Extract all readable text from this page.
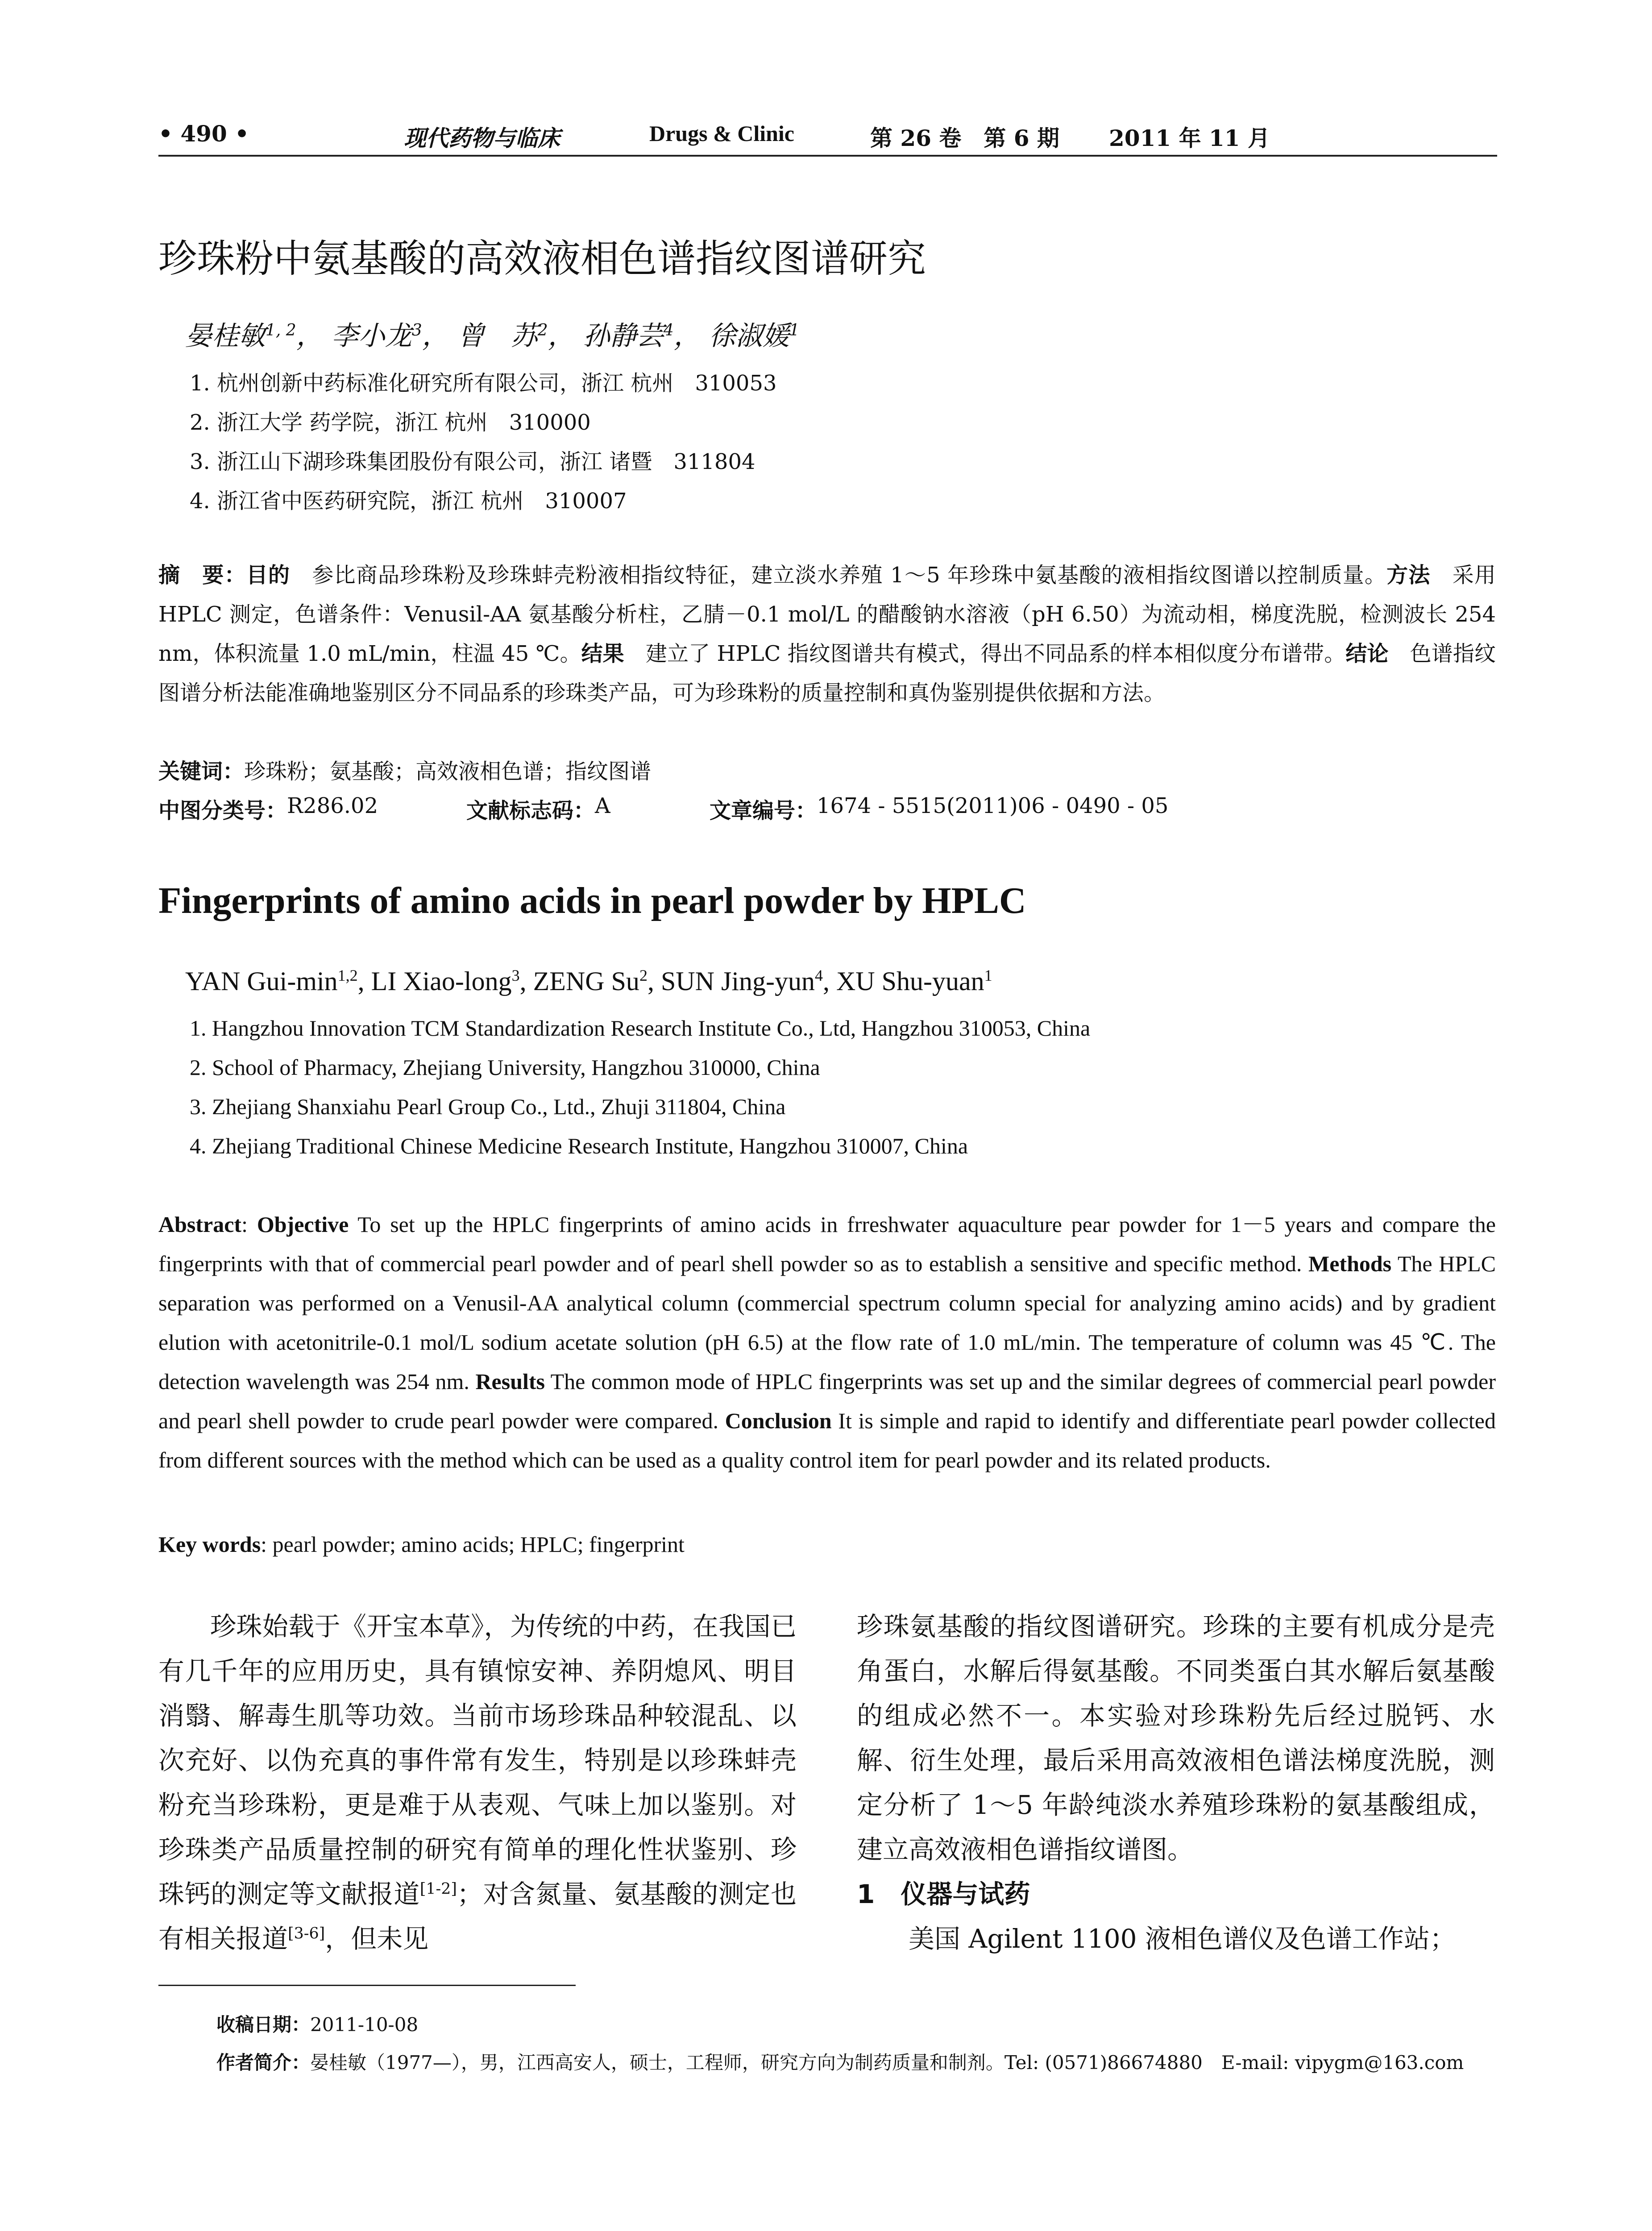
• 490 •	现代药物与临床	Drugs & Clinic	第 26 卷　第 6 期 2011 年 11 月
珍珠粉中氨基酸的高效液相色谱指纹图谱研究
晏桂敏$^{1, 2}$， 李小龙$^3$， 曾　苏$^2$， 孙静芸$^4$， 徐淑媛$^1$
1. 杭州创新中药标准化研究所有限公司，浙江 杭州　310053
2. 浙江大学 药学院，浙江 杭州　310000
3. 浙江山下湖珍珠集团股份有限公司，浙江 诸暨　311804
4. 浙江省中医药研究院，浙江 杭州　310007
摘　要：目的　参比商品珍珠粉及珍珠蚌壳粉液相指纹特征，建立淡水养殖 1～5 年珍珠中氨基酸的液相指纹图谱以控制质量。方法　采用 HPLC 测定，色谱条件：Venusil-AA 氨基酸分析柱，乙腈－0.1 mol/L 的醋酸钠水溶液（pH 6.50）为流动相，梯度洗脱，检测波长 254 nm，体积流量 1.0 mL/min，柱温 45 ℃。结果　建立了 HPLC 指纹图谱共有模式，得出不同品系的样本相似度分布谱带。结论　色谱指纹图谱分析法能准确地鉴别区分不同品系的珍珠类产品，可为珍珠粉的质量控制和真伪鉴别提供依据和方法。
关键词：珍珠粉；氨基酸；高效液相色谱；指纹图谱
中图分类号： R286.02	文献标志码： A	文章编号： 1674 - 5515(2011)06 - 0490 - 05
Fingerprints of amino acids in pearl powder by HPLC
YAN Gui-$\min^{1,2}$, LI Xiao-long$^3$, ZENG Su$^2$, SUN Jing-yun$^4$, XU Shu-yuan$^1$
1. Hangzhou Innovation TCM Standardization Research Institute Co., Ltd, Hangzhou 310053, China
2. School of Pharmacy, Zhejiang University, Hangzhou 310000, China
3. Zhejiang Shanxiahu Pearl Group Co., Ltd., Zhuji 311804, China
4. Zhejiang Traditional Chinese Medicine Research Institute, Hangzhou 310007, China
Abstract: Objective To set up the HPLC fingerprints of amino acids in frreshwater aquaculture pear powder for 1－5 years and compare the fingerprints with that of commercial pearl powder and of pearl shell powder so as to establish a sensitive and specific method. Methods The HPLC separation was performed on a Venusil-AA analytical column (commercial spectrum column special for analyzing amino acids) and by gradient elution with acetonitrile-0.1 mol/L sodium acetate solution (pH 6.5) at the flow rate of 1.0 mL/min. The temperature of column was 45 ℃. The detection wavelength was 254 nm. Results The common mode of HPLC fingerprints was set up and the similar degrees of commercial pearl powder and pearl shell powder to crude pearl powder were compared. Conclusion It is simple and rapid to identify and differentiate pearl powder collected from different sources with the method which can be used as a quality control item for pearl powder and its related products.
Key words: pearl powder; amino acids; HPLC; fingerprint

珍珠始载于《开宝本草》，为传统的中药，在我国已有几千年的应用历史，具有镇惊安神、养阴熄风、明目消翳、解毒生肌等功效。当前市场珍珠品种较混乱、以次充好、以伪充真的事件常有发生，特别是以珍珠蚌壳粉充当珍珠粉，更是难于从表观、气味上加以鉴别。对珍珠类产品质量控制的研究有简单的理化性状鉴别、珍珠钙的测定等文献报道[1-2]；对含氮量、氨基酸的测定也有相关报道[3-6]，但未见

珍珠氨基酸的指纹图谱研究。珍珠的主要有机成分是壳角蛋白，水解后得氨基酸。不同类蛋白其水解后氨基酸的组成必然不一。本实验对珍珠粉先后经过脱钙、水解、衍生处理，最后采用高效液相色谱法梯度洗脱，测定分析了 1～5 年龄纯淡水养殖珍珠粉的氨基酸组成，建立高效液相色谱指纹谱图。

1　仪器与试药

美国 Agilent 1100 液相色谱仪及色谱工作站；

收稿日期：2011-10-08
作者简介：晏桂敏（1977—），男，江西高安人，硕士，工程师，研究方向为制药质量和制剂。Tel: (0571)86674880　E-mail: vipygm@163.com
